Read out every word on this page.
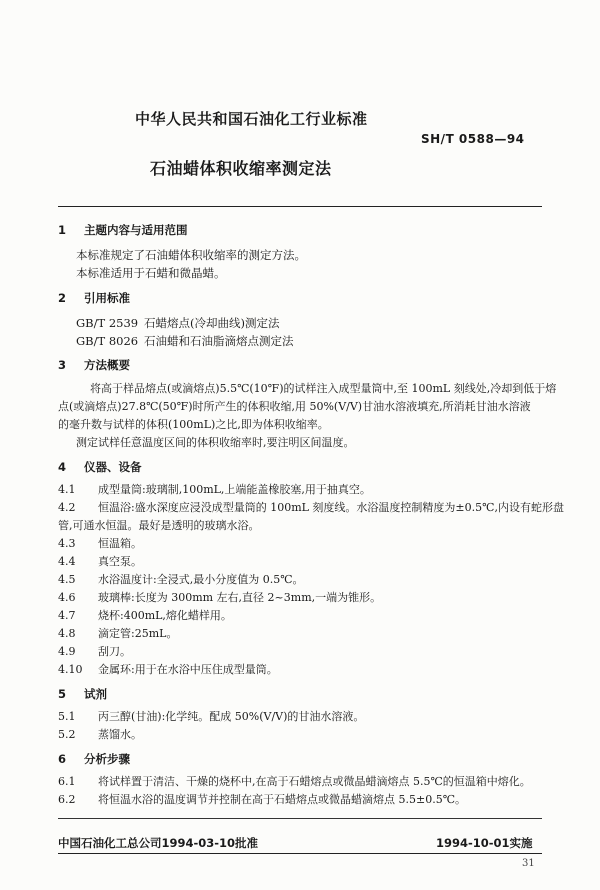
中华人民共和国石油化工行业标准
SH/T 0588—94
石油蜡体积收缩率测定法
1 主题内容与适用范围
本标准规定了石油蜡体积收缩率的测定方法。
本标准适用于石蜡和微晶蜡。
2 引用标准
GB/T 2539 石蜡熔点(冷却曲线)测定法
GB/T 8026 石油蜡和石油脂滴熔点测定法
3 方法概要
将高于样品熔点(或滴熔点)5.5℃(10℉)的试样注入成型量筒中,至 100mL 刻线处,冷却到低于熔
点(或滴熔点)27.8℃(50℉)时所产生的体积收缩,用 50%(V/V)甘油水溶液填充,所消耗甘油水溶液
的毫升数与试样的体积(100mL)之比,即为体积收缩率。
测定试样任意温度区间的体积收缩率时,要注明区间温度。
4 仪器、设备
4.1 成型量筒:玻璃制,100mL,上端能盖橡胶塞,用于抽真空。
4.2 恒温浴:盛水深度应浸没成型量筒的 100mL 刻度线。水浴温度控制精度为±0.5℃,内设有蛇形盘
管,可通水恒温。最好是透明的玻璃水浴。
4.3 恒温箱。
4.4 真空泵。
4.5 水浴温度计:全浸式,最小分度值为 0.5℃。
4.6 玻璃棒:长度为 300mm 左右,直径 2~3mm,一端为锥形。
4.7 烧杯:400mL,熔化蜡样用。
4.8 滴定管:25mL。
4.9 刮刀。
4.10 金属环:用于在水浴中压住成型量筒。
5 试剂
5.1 丙三醇(甘油):化学纯。配成 50%(V/V)的甘油水溶液。
5.2 蒸馏水。
6 分析步骤
6.1 将试样置于清洁、干燥的烧杯中,在高于石蜡熔点或微晶蜡滴熔点 5.5℃的恒温箱中熔化。
6.2 将恒温水浴的温度调节并控制在高于石蜡熔点或微晶蜡滴熔点 5.5±0.5℃。
中国石油化工总公司1994-03-10批准	1994-10-01实施
31
